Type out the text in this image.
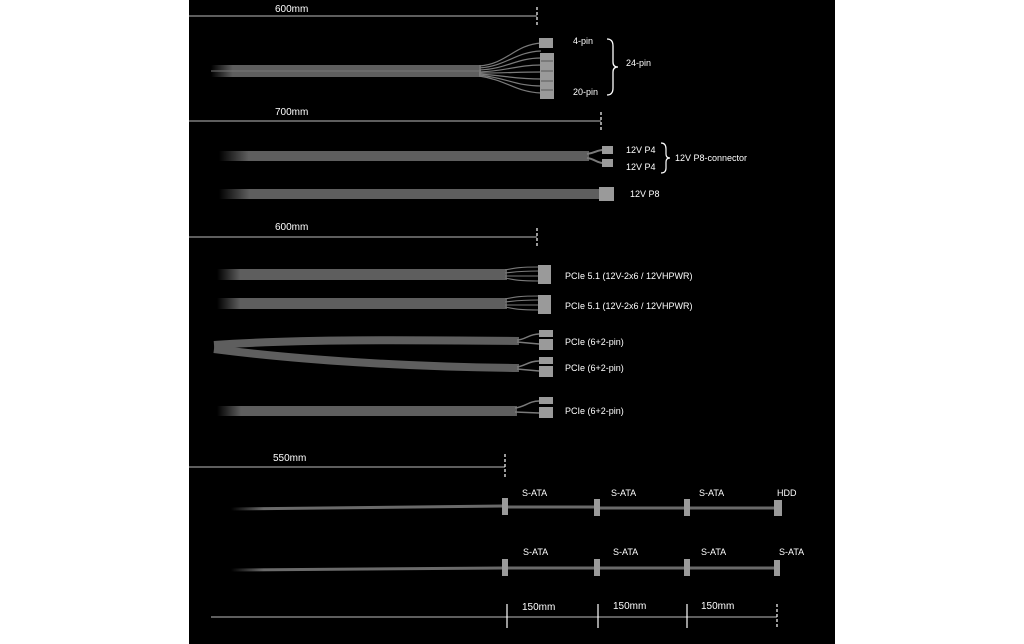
600mm
4-pin
20-pin
24-pin
700mm
12V P4
12V P4
12V P8-connector
12V P8
600mm
PCIe 5.1 (12V-2x6 / 12VHPWR)
PCIe 5.1 (12V-2x6 / 12VHPWR)
PCIe (6+2-pin)
PCIe (6+2-pin)
PCIe (6+2-pin)
550mm
S-ATA	S-ATA	S-ATA	HDD
S-ATA	S-ATA	S-ATA	S-ATA
150mm	150mm	150mm
